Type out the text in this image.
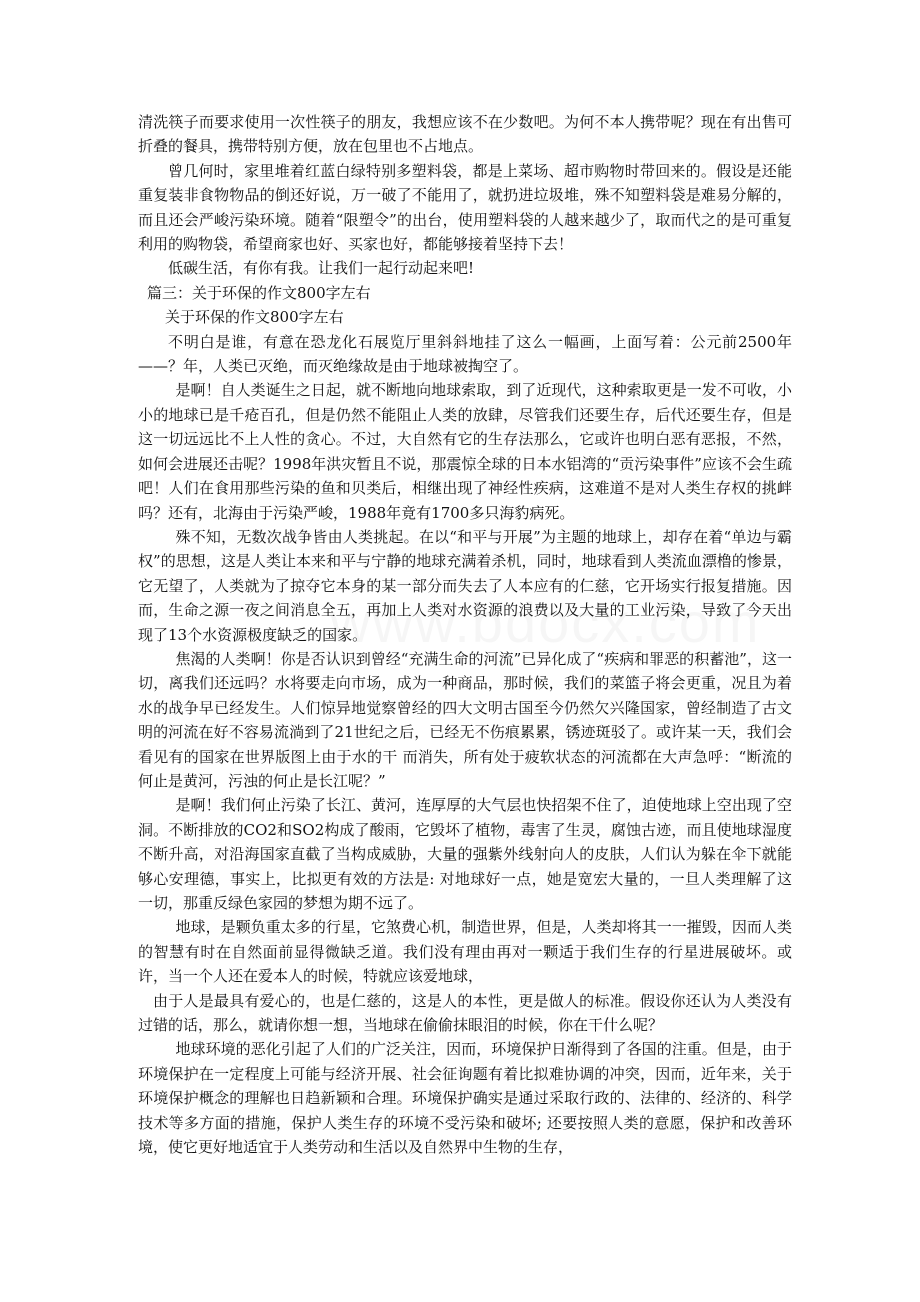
清洗筷子而要求使用一次性筷子的朋友，我想应该不在少数吧。为何不本人携带呢？现在有出售可折叠的餐具，携带特别方便，放在包里也不占地点。

曾几何时，家里堆着红蓝白绿特别多塑料袋，都是上菜场、超市购物时带回来的。假设是还能重复装非食物物品的倒还好说，万一破了不能用了，就扔进垃圾堆，殊不知塑料袋是难易分解的，而且还会严峻污染环境。随着“限塑令”的出台，使用塑料袋的人越来越少了，取而代之的是可重复利用的购物袋，希望商家也好、买家也好，都能够接着坚持下去！

低碳生活，有你有我。让我们一起行动起来吧!

篇三：关于环保的作文800字左右

关于环保的作文800字左右

不明白是谁，有意在恐龙化石展览厅里斜斜地挂了这么一幅画，上面写着：公元前2500年——？年，人类已灭绝，而灭绝缘故是由于地球被掏空了。

是啊！自人类诞生之日起，就不断地向地球索取，到了近现代，这种索取更是一发不可收，小小的地球已是千疮百孔，但是仍然不能阻止人类的放肆，尽管我们还要生存，后代还要生存，但是这一切远远比不上人性的贪心。不过，大自然有它的生存法那么，它或许也明白恶有恶报，不然，如何会进展还击呢？1998年洪灾暂且不说，那震惊全球的日本水铝湾的“贡污染事件”应该不会生疏吧！人们在食用那些污染的鱼和贝类后，相继出现了神经性疾病，这难道不是对人类生存权的挑衅吗？还有，北海由于污染严峻，1988年竟有1700多只海豹病死。

殊不知，无数次战争皆由人类挑起。在以“和平与开展”为主题的地球上，却存在着“单边与霸权”的思想，这是人类让本来和平与宁静的地球充满着杀机，同时，地球看到人类流血漂橹的惨景，它无望了，人类就为了掠夺它本身的某一部分而失去了人本应有的仁慈，它开场实行报复措施。因而，生命之源一夜之间消息全五，再加上人类对水资源的浪费以及大量的工业污染，导致了今天出现了13个水资源极度缺乏的国家。

焦渴的人类啊！你是否认识到曾经“充满生命的河流”已异化成了“疾病和罪恶的积蓄池”，这一切，离我们还远吗？水将要走向市场，成为一种商品，那时候，我们的菜篮子将会更重，况且为着水的战争早已经发生。人们惊异地觉察曾经的四大文明古国至今仍然欠兴隆国家，曾经制造了古文明的河流在好不容易流淌到了21世纪之后，已经无不伤痕累累，锈迹斑驳了。或许某一天，我们会看见有的国家在世界版图上由于水的干 而消失，所有处于疲软状态的河流都在大声急呼：“断流的何止是黄河，污浊的何止是长江呢？”

是啊！我们何止污染了长江、黄河，连厚厚的大气层也快招架不住了，迫使地球上空出现了空洞。不断排放的CO2和SO2构成了酸雨，它毁坏了植物，毒害了生灵，腐蚀古迹，而且使地球湿度不断升高，对沿海国家直截了当构成威胁，大量的强紫外线射向人的皮肤，人们认为躲在伞下就能够心安理德，事实上，比拟更有效的方法是: 对地球好一点，她是宽宏大量的，一旦人类理解了这一切，那重反绿色家园的梦想为期不远了。

地球，是颗负重太多的行星，它煞费心机，制造世界，但是，人类却将其一一摧毁，因而人类的智慧有时在自然面前显得微缺乏道。我们没有理由再对一颗适于我们生存的行星进展破坏。或许，当一个人还在爱本人的时候，特就应该爱地球，

由于人是最具有爱心的，也是仁慈的，这是人的本性，更是做人的标准。假设你还认为人类没有过错的话，那么，就请你想一想，当地球在偷偷抹眼泪的时候，你在干什么呢？

地球环境的恶化引起了人们的广泛关注，因而，环境保护日渐得到了各国的注重。但是，由于环境保护在一定程度上可能与经济开展、社会征询题有着比拟难协调的冲突，因而，近年来，关于环境保护概念的理解也日趋新颖和合理。环境保护确实是通过采取行政的、法律的、经济的、科学技术等多方面的措施，保护人类生存的环境不受污染和破坏; 还要按照人类的意愿，保护和改善环境，使它更好地适宜于人类劳动和生活以及自然界中生物的生存，
